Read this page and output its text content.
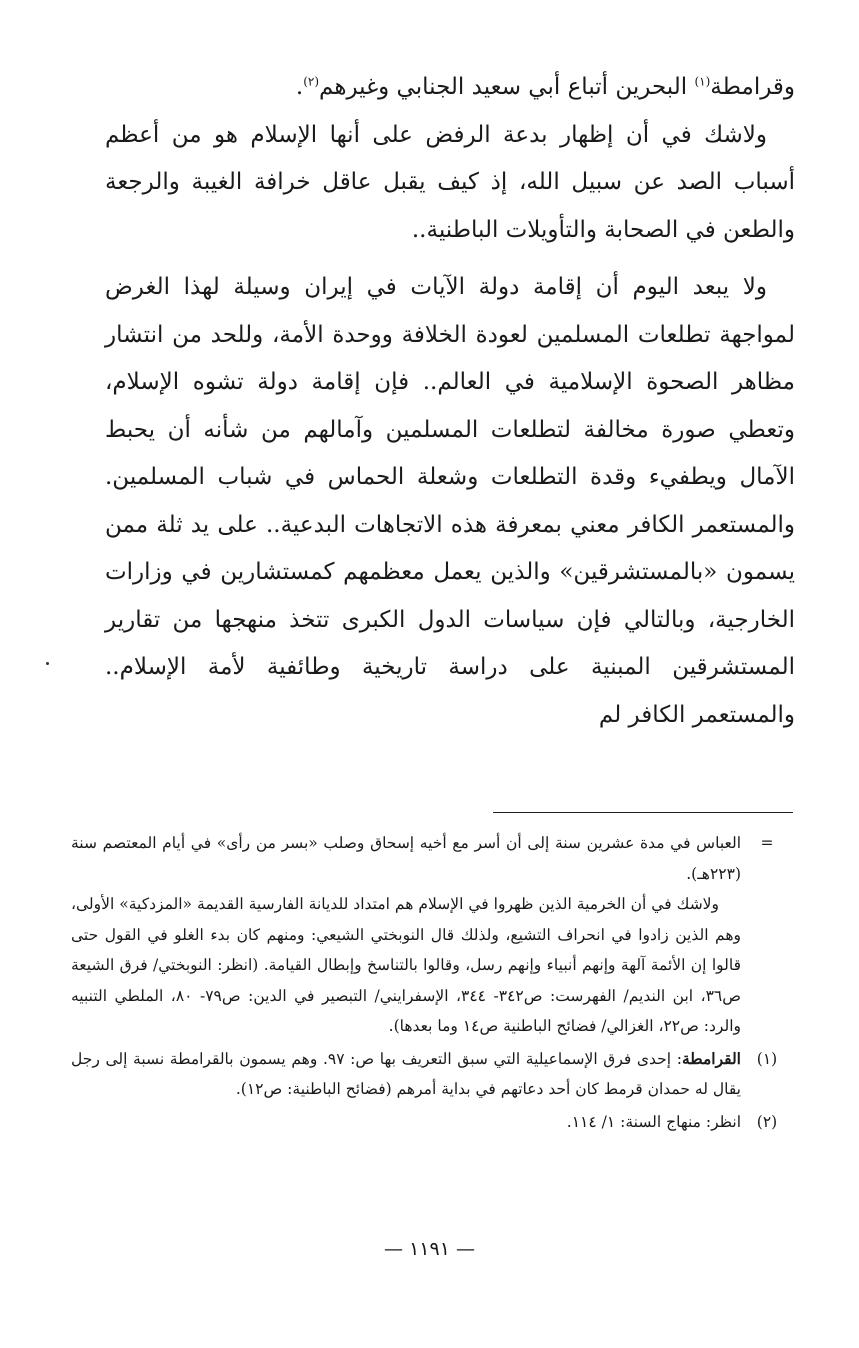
وقرامطة$^{(١)}$ البحرين أتباع أبي سعيد الجنابي وغيرهم$^{(٢)}$.

ولاشك في أن إظهار بدعة الرفض على أنها الإسلام هو من أعظم أسباب الصد عن سبيل الله، إذ كيف يقبل عاقل خرافة الغيبة والرجعة والطعن في الصحابة والتأويلات الباطنية..

ولا يبعد اليوم أن إقامة دولة الآيات في إيران وسيلة لهذا الغرض لمواجهة تطلعات المسلمين لعودة الخلافة ووحدة الأمة، وللحد من انتشار مظاهر الصحوة الإسلامية في العالم.. فإن إقامة دولة تشوه الإسلام، وتعطي صورة مخالفة لتطلعات المسلمين وآمالهم من شأنه أن يحبط الآمال ويطفيء وقدة التطلعات وشعلة الحماس في شباب المسلمين. والمستعمر الكافر معني بمعرفة هذه الاتجاهات البدعية.. على يد ثلة ممن يسمون «بالمستشرقين» والذين يعمل معظمهم كمستشارين في وزارات الخارجية، وبالتالي فإن سياسات الدول الكبرى تتخذ منهجها من تقارير المستشرقين المبنية على دراسة تاريخية وطائفية لأمة الإسلام.. والمستعمر الكافر لم

=

العباس في مدة عشرين سنة إلى أن أسر مع أخيه إسحاق وصلب «بسر من رأى» في أيام المعتصم سنة (٢٢٣هـ).

ولاشك في أن الخرمية الذين ظهروا في الإسلام هم امتداد للديانة الفارسية القديمة «المزدكية» الأولى، وهم الذين زادوا في انحراف التشيع، ولذلك قال النوبختي الشيعي: ومنهم كان بدء الغلو في القول حتى قالوا إن الأئمة آلهة وإنهم أنبياء وإنهم رسل، وقالوا بالتناسخ وإبطال القيامة. (انظر: النوبختي/ فرق الشيعة ص٣٦، ابن النديم/ الفهرست: ص٣٤٢- ٣٤٤، الإسفرايني/ التبصير في الدين: ص٧٩- ٨٠، الملطي التنبيه والرد: ص٢٢، الغزالي/ فضائح الباطنية ص١٤ وما بعدها).

(١)

القرامطة: إحدى فرق الإسماعيلية التي سبق التعريف بها ص: ٩٧. وهم يسمون بالقرامطة نسبة إلى رجل يقال له حمدان قرمط كان أحد دعاتهم في بداية أمرهم (فضائح الباطنية: ص١٢).

(٢)

انظر: منهاج السنة: ١/ ١١٤.

— ١١٩١ —
